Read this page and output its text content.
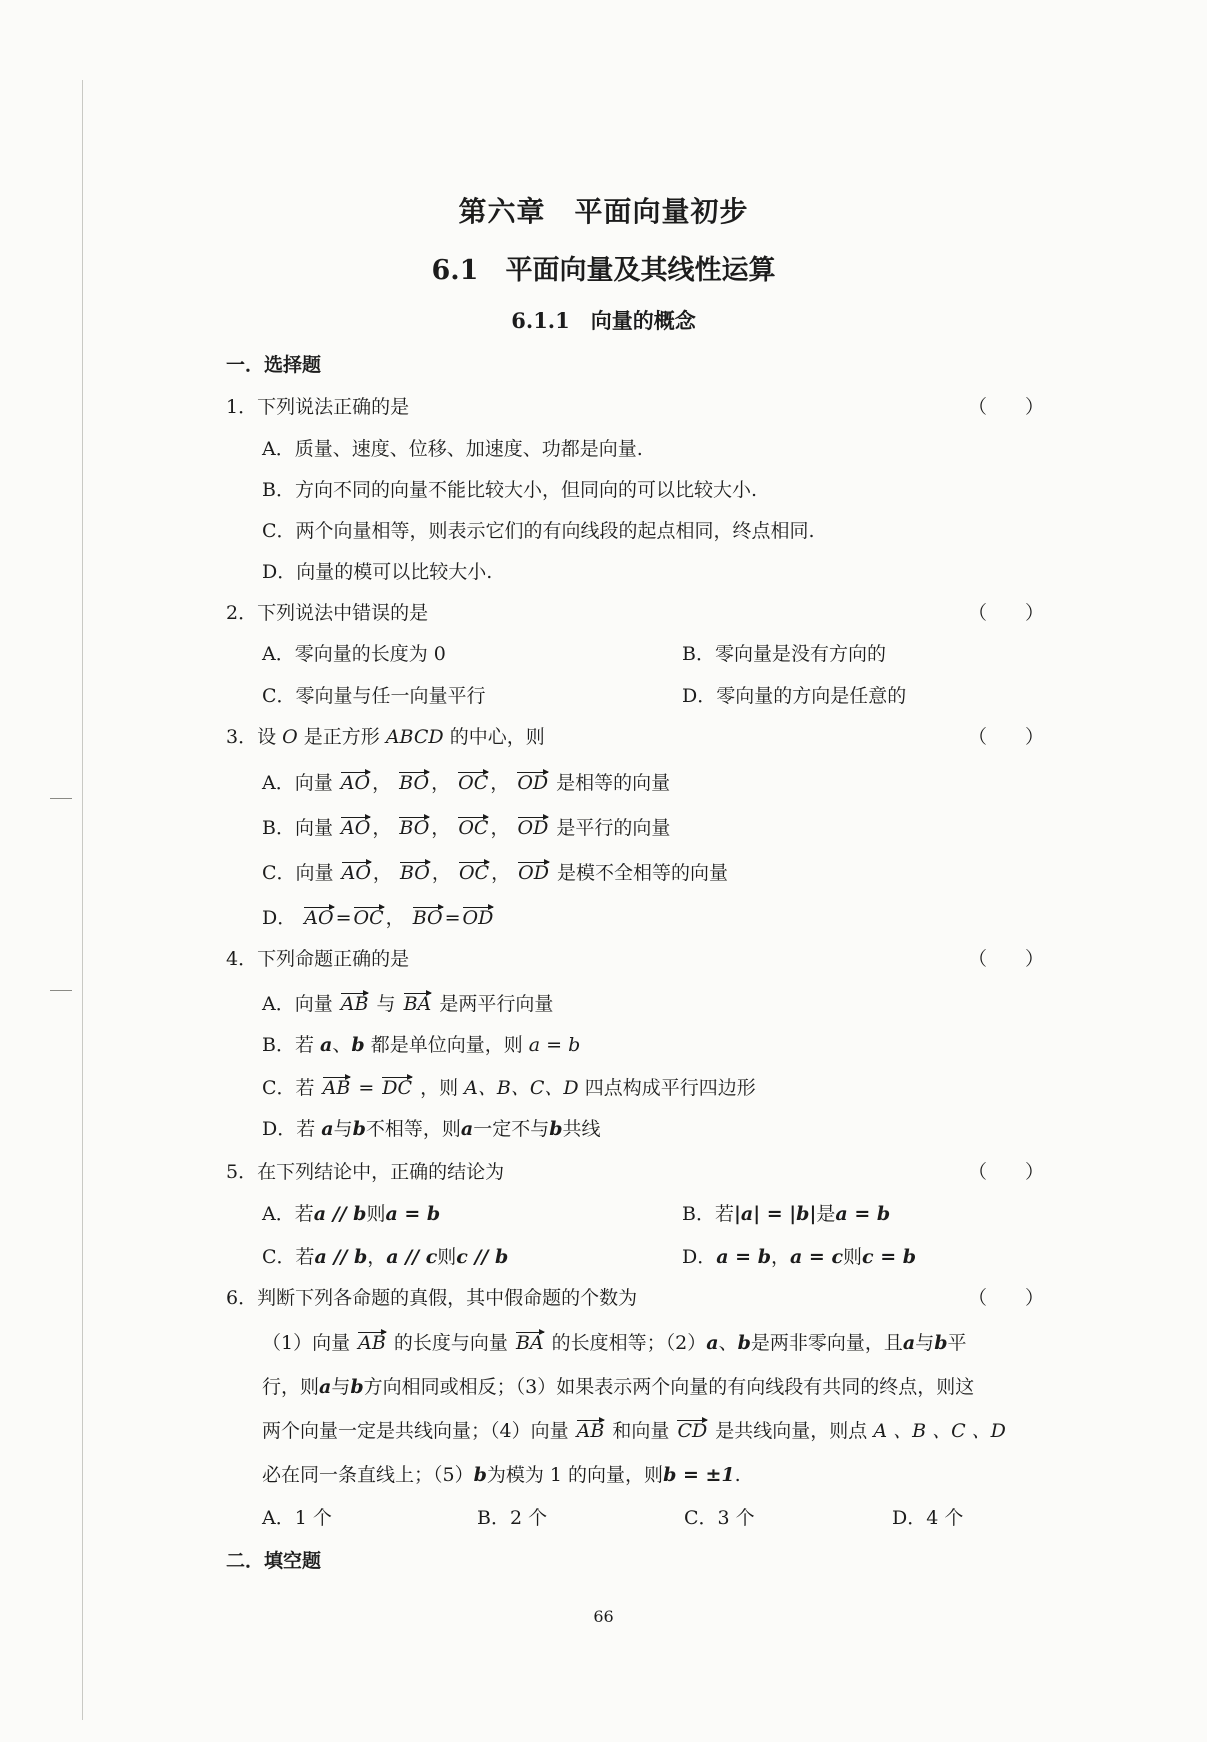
第六章　平面向量初步
6.1　平面向量及其线性运算
6.1.1　向量的概念
一．选择题
1．下列说法正确的是	（　　）
A．质量、速度、位移、加速度、功都是向量.
B．方向不同的向量不能比较大小，但同向的可以比较大小.
C．两个向量相等，则表示它们的有向线段的起点相同，终点相同.
D．向量的模可以比较大小.
2．下列说法中错误的是	（　　）
A．零向量的长度为 0	B．零向量是没有方向的
C．零向量与任一向量平行	D．零向量的方向是任意的
3．设 O 是正方形 ABCD 的中心，则	（　　）
A．向量 AO ， BO ， OC ， OD 是相等的向量
B．向量 AO ， BO ， OC ， OD 是平行的向量
C．向量 AO ， BO ， OC ， OD 是模不全相等的向量
D． AO = OC ， BO = OD
4．下列命题正确的是	（　　）
A．向量 AB 与 BA 是两平行向量
B．若 a、b 都是单位向量，则 a = b
C．若 AB = DC ，则 A、B、C、D 四点构成平行四边形
D．若 a与b不相等，则a一定不与b共线
5．在下列结论中，正确的结论为	（　　）
A．若a // b则a = b	B．若|a| = |b|是a = b
C．若a // b，a // c则c // b	D．a = b，a = c则c = b
6．判断下列各命题的真假，其中假命题的个数为	（　　）
（1）向量 AB 的长度与向量 BA 的长度相等；（2）a、b是两非零向量，且a与b平
行，则a与b方向相同或相反；（3）如果表示两个向量的有向线段有共同的终点，则这
两个向量一定是共线向量；（4）向量 AB 和向量 CD 是共线向量，则点 A 、B 、C 、D
必在同一条直线上；（5）b为模为 1 的向量，则b = ±1.
A．1 个	B．2 个	C．3 个	D．4 个
二．填空题
66
